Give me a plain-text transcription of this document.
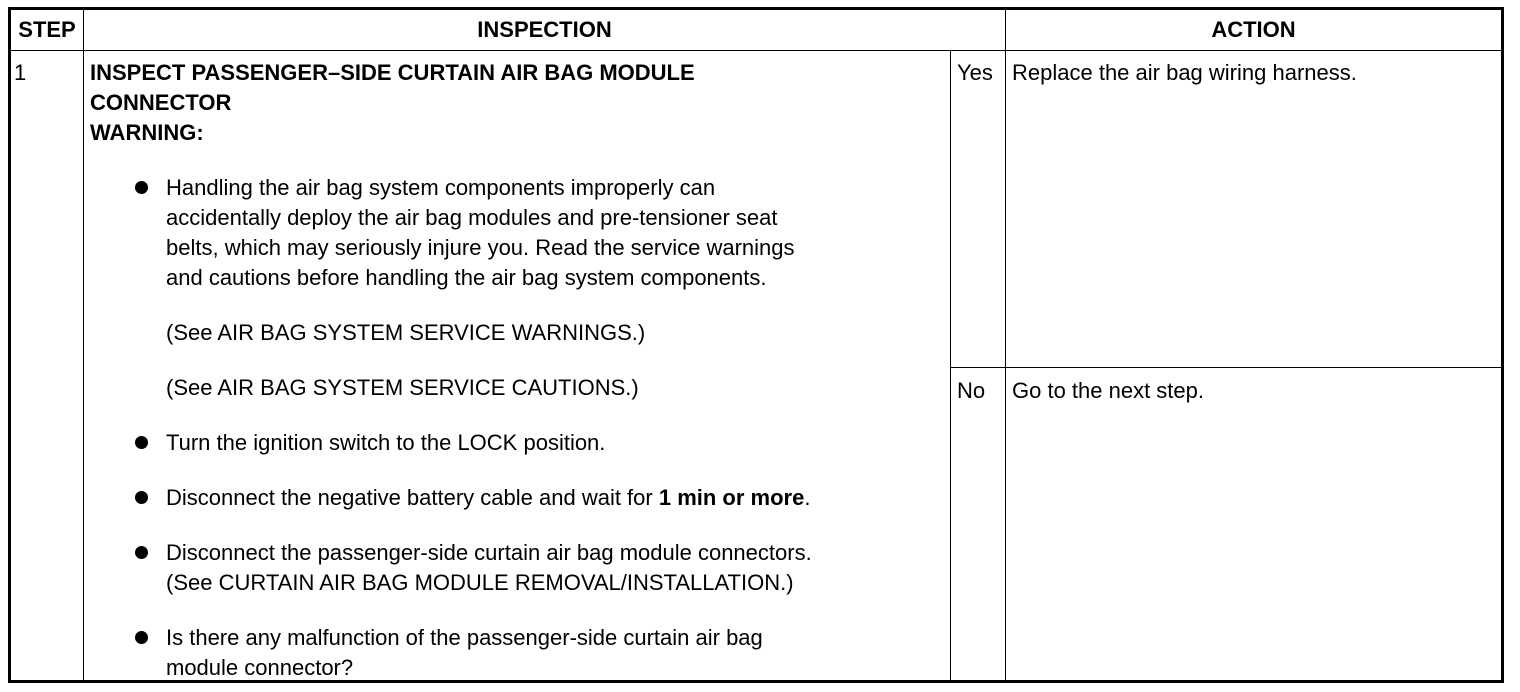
STEP	INSPECTION	ACTION
1	INSPECT PASSENGER–SIDE CURTAIN AIR BAG MODULE
CONNECTOR
WARNING:
Handling the air bag system components improperly can
accidentally deploy the air bag modules and pre-tensioner seat
belts, which may seriously injure you. Read the service warnings
and cautions before handling the air bag system components.
(See AIR BAG SYSTEM SERVICE WARNINGS.)
(See AIR BAG SYSTEM SERVICE CAUTIONS.)
Turn the ignition switch to the LOCK position.
Disconnect the negative battery cable and wait for 1 min or more.
Disconnect the passenger-side curtain air bag module connectors.
(See CURTAIN AIR BAG MODULE REMOVAL/INSTALLATION.)
Is there any malfunction of the passenger-side curtain air bag
module connector?
Yes Replace the air bag wiring harness.
No Go to the next step.
